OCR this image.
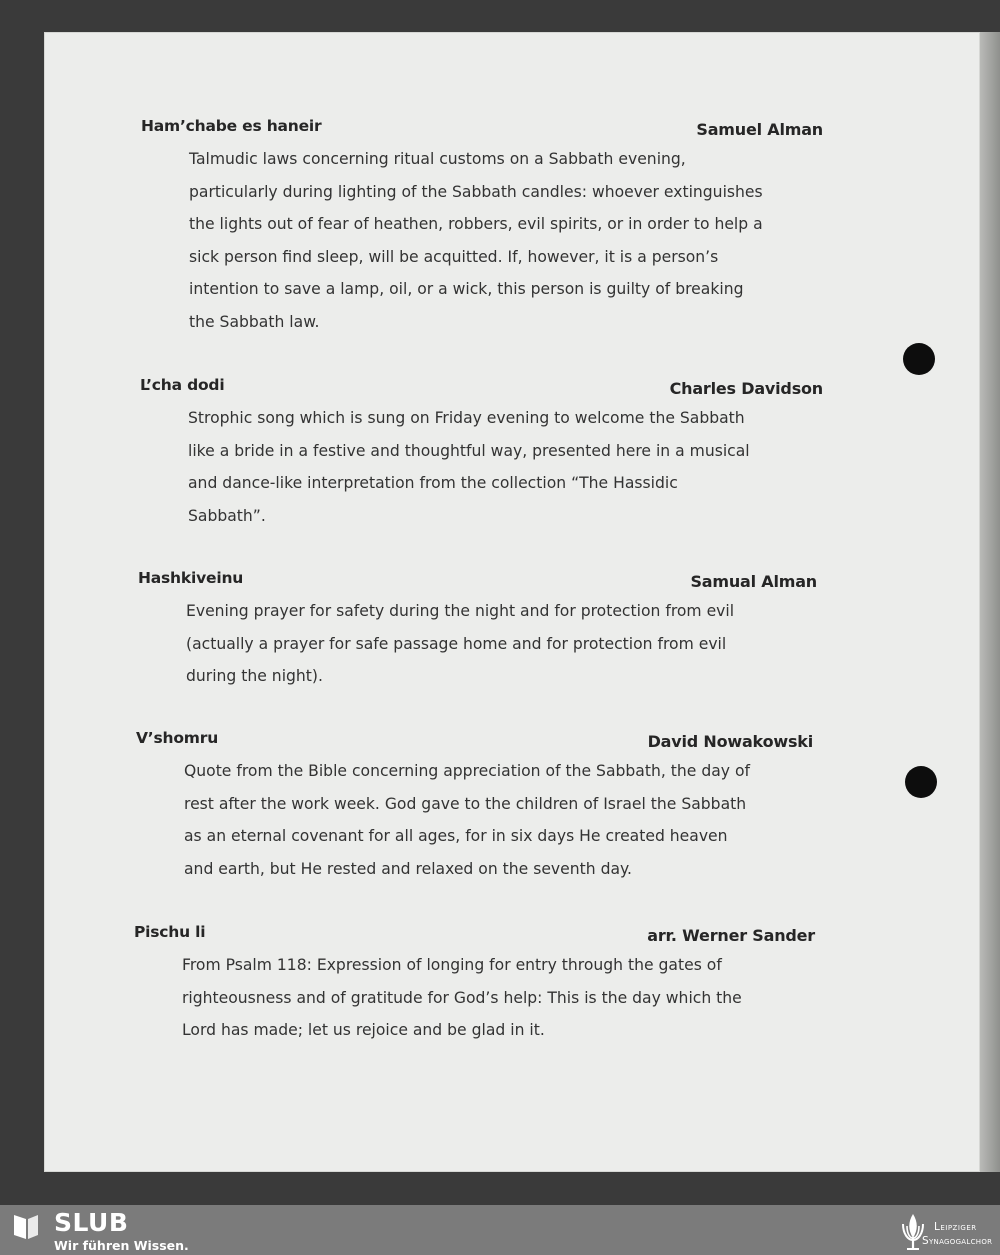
Ham’chabe es haneir	Samuel Alman
Talmudic laws concerning ritual customs on a Sabbath evening,
particularly during lighting of the Sabbath candles: whoever extinguishes
the lights out of fear of heathen, robbers, evil spirits, or in order to help a
sick person find sleep, will be acquitted. If, however, it is a person’s
intention to save a lamp, oil, or a wick, this person is guilty of breaking
the Sabbath law.
L’cha dodi	Charles Davidson
Strophic song which is sung on Friday evening to welcome the Sabbath
like a bride in a festive and thoughtful way, presented here in a musical
and dance-like interpretation from the collection “The Hassidic
Sabbath”.
Hashkiveinu	Samual Alman
Evening prayer for safety during the night and for protection from evil
(actually a prayer for safe passage home and for protection from evil
during the night).
V’shomru	David Nowakowski
Quote from the Bible concerning appreciation of the Sabbath, the day of
rest after the work week. God gave to the children of Israel the Sabbath
as an eternal covenant for all ages, for in six days He created heaven
and earth, but He rested and relaxed on the seventh day.
Pischu li	arr. Werner Sander
From Psalm 118: Expression of longing for entry through the gates of
righteousness and of gratitude for God’s help: This is the day which the
Lord has made; let us rejoice and be glad in it.
SLUB
Wir führen Wissen.
Leipziger
Synagogalchor
